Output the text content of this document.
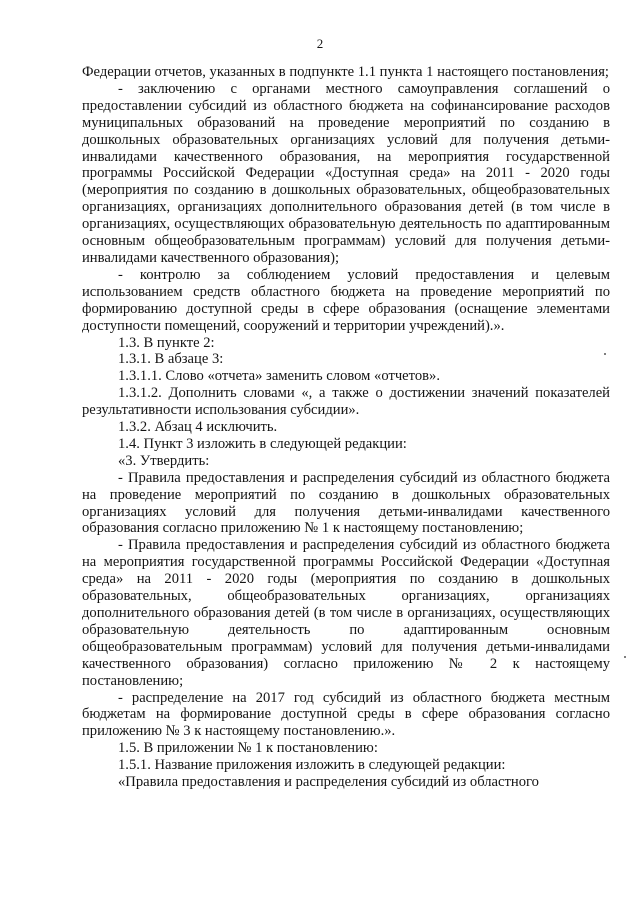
2

Федерации отчетов, указанных в подпункте 1.1 пункта 1 настоящего постановления;

- заключению с органами местного самоуправления соглашений о предоставлении субсидий из областного бюджета на софинансирование расходов муниципальных образований на проведение мероприятий по созданию в дошкольных образовательных организациях условий для получения детьми-инвалидами качественного образования, на мероприятия государственной программы Российской Федерации «Доступная среда» на 2011 - 2020 годы (мероприятия по созданию в дошкольных образовательных, общеобразовательных организациях, организациях дополнительного образования детей (в том числе в организациях, осуществляющих образовательную деятельность по адаптированным основным общеобразовательным программам) условий для получения детьми-инвалидами качественного образования);

- контролю за соблюдением условий предоставления и целевым использованием средств областного бюджета на проведение мероприятий по формированию доступной среды в сфере образования (оснащение элементами доступности помещений, сооружений и территории учреждений).».

1.3. В пункте 2:

1.3.1. В абзаце 3:

1.3.1.1. Слово «отчета» заменить словом «отчетов».

1.3.1.2. Дополнить словами «, а также о достижении значений показателей результативности использования субсидии».

1.3.2. Абзац 4 исключить.

1.4. Пункт 3 изложить в следующей редакции:

«3. Утвердить:

- Правила предоставления и распределения субсидий из областного бюджета на проведение мероприятий по созданию в дошкольных образовательных организациях условий для получения детьми-инвалидами качественного образования согласно приложению № 1 к настоящему постановлению;

- Правила предоставления и распределения субсидий из областного бюджета на мероприятия государственной программы Российской Федерации «Доступная среда» на 2011 - 2020 годы (мероприятия по созданию в дошкольных образовательных, общеобразовательных организациях, организациях дополнительного образования детей (в том числе в организациях, осуществляющих образовательную деятельность по адаптированным основным общеобразовательным программам) условий для получения детьми-инвалидами качественного образования) согласно приложению № 2 к настоящему постановлению;

- распределение на 2017 год субсидий из областного бюджета местным бюджетам на формирование доступной среды в сфере образования согласно приложению № 3 к настоящему постановлению.».

1.5. В приложении № 1 к постановлению:

1.5.1. Название приложения изложить в следующей редакции:

«Правила предоставления и распределения субсидий из областного
